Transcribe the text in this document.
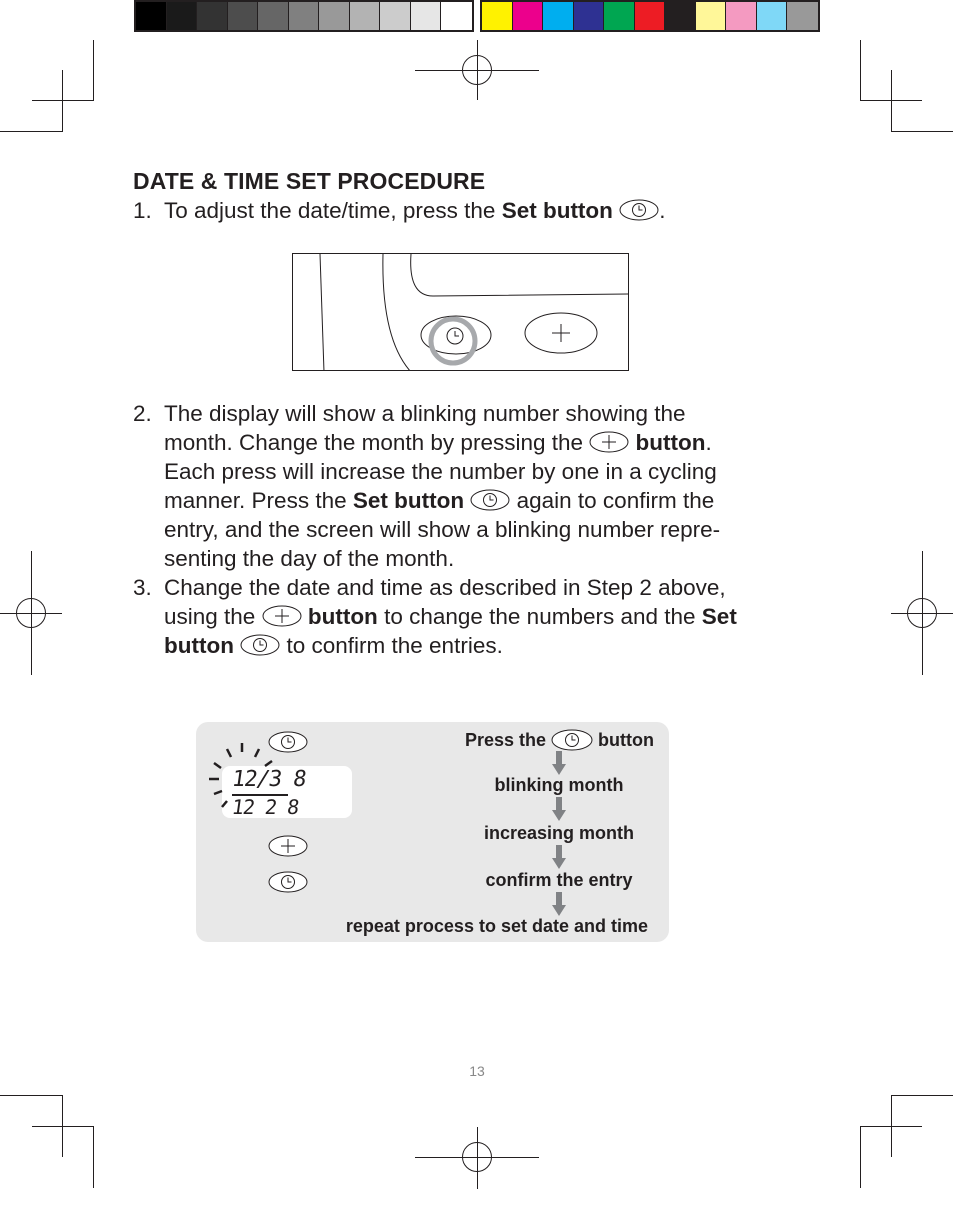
DATE & TIME SET PROCEDURE
1. To adjust the date/time, press the Set button .
2. The display will show a blinking number showing the
month. Change the month by pressing the  button.
Each press will increase the number by one in a cycling
manner. Press the Set button  again to confirm the
entry, and the screen will show a blinking number repre-
senting the day of the month.
3. Change the date and time as described in Step 2 above,
using the  button to change the numbers and the Set
button  to confirm the entries.
12/3 8
12 2 8
Press the	button
blinking month
increasing month
confirm the entry
repeat process to set date and time
13
